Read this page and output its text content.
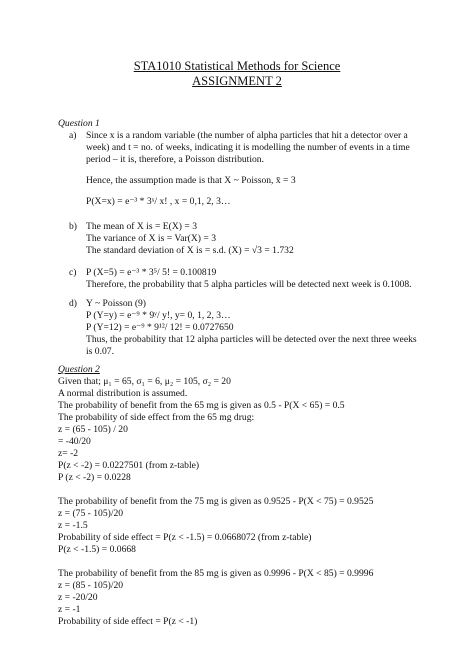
STA1010 Statistical Methods for Science
ASSIGNMENT 2
Question 1
a) Since x is a random variable (the number of alpha particles that hit a detector over a
week) and t = no. of weeks, indicating it is modelling the number of events in a time
period – it is, therefore, a Poisson distribution.
Hence, the assumption made is that X ~ Poisson, x̄ = 3
P(X=x) = e⁻³ * 3ˣ/ x! , x = 0,1, 2, 3…
b) The mean of X is = E(X) = 3
The variance of X is = Var(X) = 3
The standard deviation of X is = s.d. (X) = √3 = 1.732
c) P (X=5) = e⁻³ * 3⁵/ 5! = 0.100819
Therefore, the probability that 5 alpha particles will be detected next week is 0.1008.
d) Y ~ Poisson (9)
P (Y=y) = e⁻⁹ * 9ʸ/ y!, y= 0, 1, 2, 3…
P (Y=12) = e⁻⁹ * 9¹²/ 12! = 0.0727650
Thus, the probability that 12 alpha particles will be detected over the next three weeks
is 0.07.
Question 2
Given that; μ₁ = 65, σ₁ = 6, μ₂ = 105, σ₂ = 20
A normal distribution is assumed.
The probability of benefit from the 65 mg is given as 0.5 - P(X < 65) = 0.5
The probability of side effect from the 65 mg drug:
z = (65 - 105) / 20
= -40/20
z= -2
P(z < -2) = 0.0227501 (from z-table)
P (z < -2) = 0.0228
The probability of benefit from the 75 mg is given as 0.9525 - P(X < 75) = 0.9525
z = (75 - 105)/20
z = -1.5
Probability of side effect = P(z < -1.5) = 0.0668072 (from z-table)
P(z < -1.5) = 0.0668
The probability of benefit from the 85 mg is given as 0.9996 - P(X < 85) = 0.9996
z = (85 - 105)/20
z = -20/20
z = -1
Probability of side effect = P(z < -1)
